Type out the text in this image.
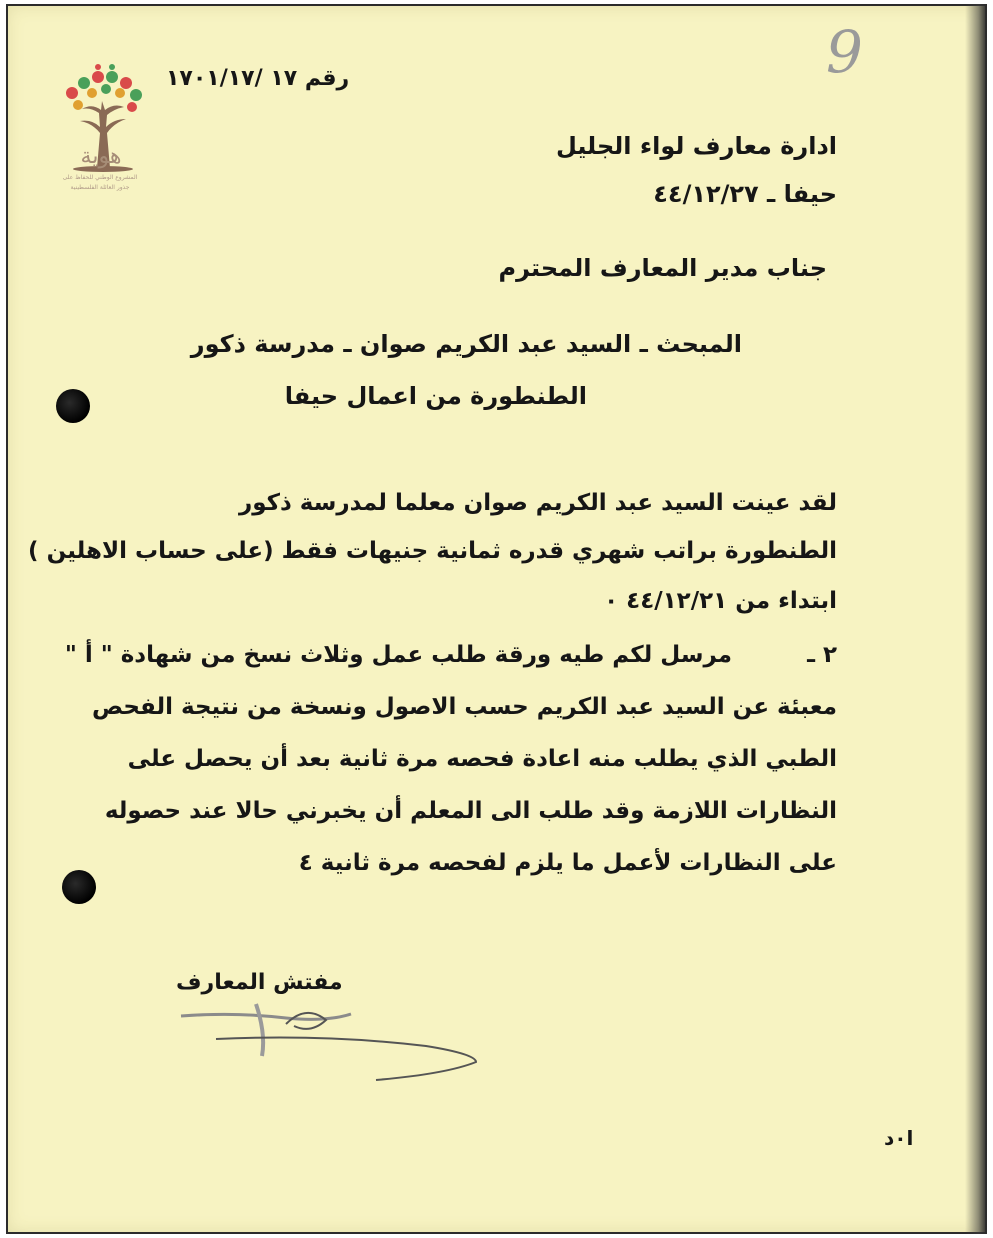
هوية
المشروع الوطني للحفاظ على
جذور العائلة الفلسطينية
9
رقم ١٧ /١٧٠١/١٧
ادارة معارف لواء الجليل
حيفا ـ ٤٤/١٢/٢٧
جناب مدير المعارف المحترم
المبحث ـ السيد عبد الكريم صوان ـ مدرسة ذكور
الطنطورة من اعمال حيفا
لقد عينت السيد عبد الكريم صوان معلما لمدرسة ذكور
الطنطورة براتب شهري قدره ثمانية جنيهات فقط (على حساب الاهلين )
ابتداء من ٤٤/١٢/٢١ ٠
٢ ـ
مرسل لكم طيه ورقة طلب عمل وثلاث نسخ من شهادة " أ "
معبئة عن السيد عبد الكريم حسب الاصول ونسخة من نتيجة الفحص
الطبي الذي يطلب منه اعادة فحصه مرة ثانية بعد أن يحصل على
النظارات اللازمة وقد طلب الى المعلم أن يخبرني حالا عند حصوله
على النظارات لأعمل ما يلزم لفحصه مرة ثانية ٤
مفتش المعارف
ا٠د
